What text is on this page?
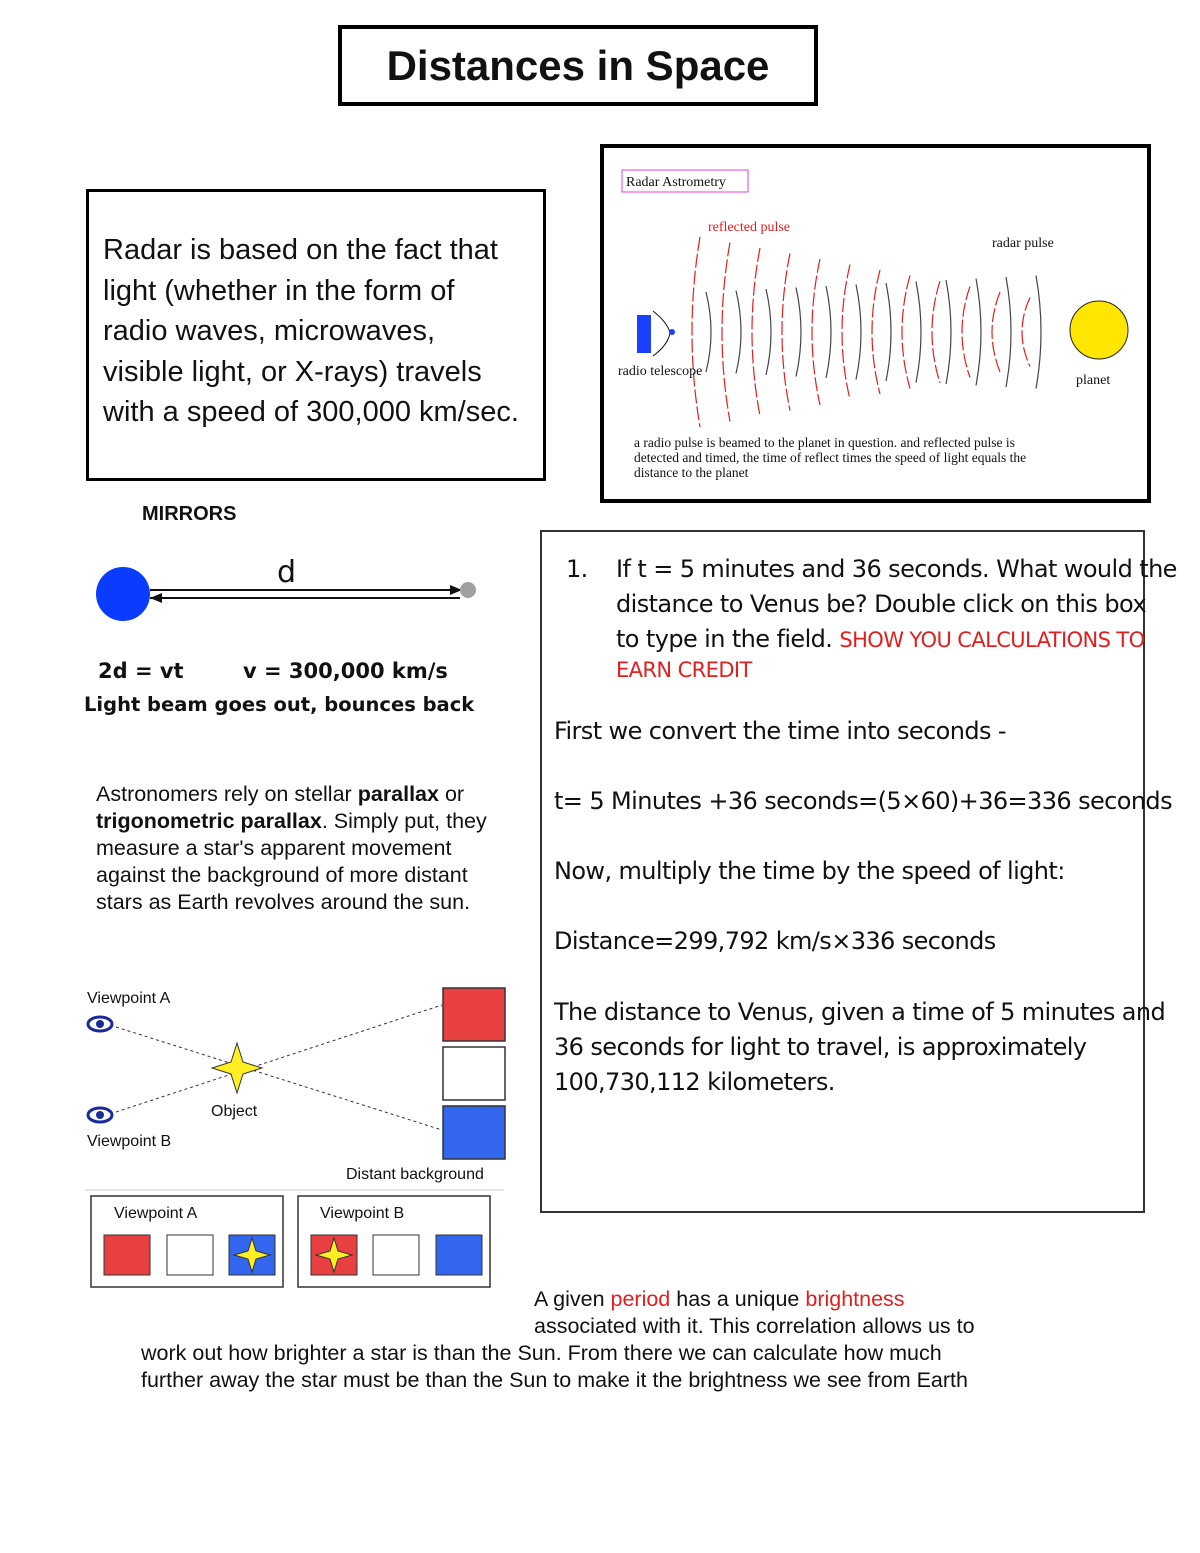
Distances in Space
Radar is based on the fact that
light (whether in the form of
radio waves, microwaves,
visible light, or X-rays) travels
with a speed of 300,000 km/sec.
Radar Astrometry
reflected pulse
radar pulse
radio telescope
planet
a radio pulse is beamed to the planet in question. and reflected pulse is
detected and timed, the time of reflect times the speed of light equals the
distance to the planet
MIRRORS
d
2d = vt	v = 300,000 km/s
Light beam goes out, bounces back
Astronomers rely on stellar parallax or trigonometric parallax. Simply put, they measure a star's apparent movement against the background of more distant stars as Earth revolves around the sun.
Viewpoint A
Viewpoint B
Object
Distant background
Viewpoint A	Viewpoint B
1. If t = 5 minutes and 36 seconds. What would the
distance to Venus be? Double click on this box
to type in the field. SHOW YOU CALCULATIONS TO
EARN CREDIT
First we convert the time into seconds -
t= 5 Minutes +36 seconds=(5×60)+36=336 seconds
Now, multiply the time by the speed of light:
Distance=299,792 km/s×336 seconds
The distance to Venus, given a time of 5 minutes and
36 seconds for light to travel, is approximately
100,730,112 kilometers.
A given period has a unique brightness
associated with it. This correlation allows us to
work out how brighter a star is than the Sun. From there we can calculate how much
further away the star must be than the Sun to make it the brightness we see from Earth
